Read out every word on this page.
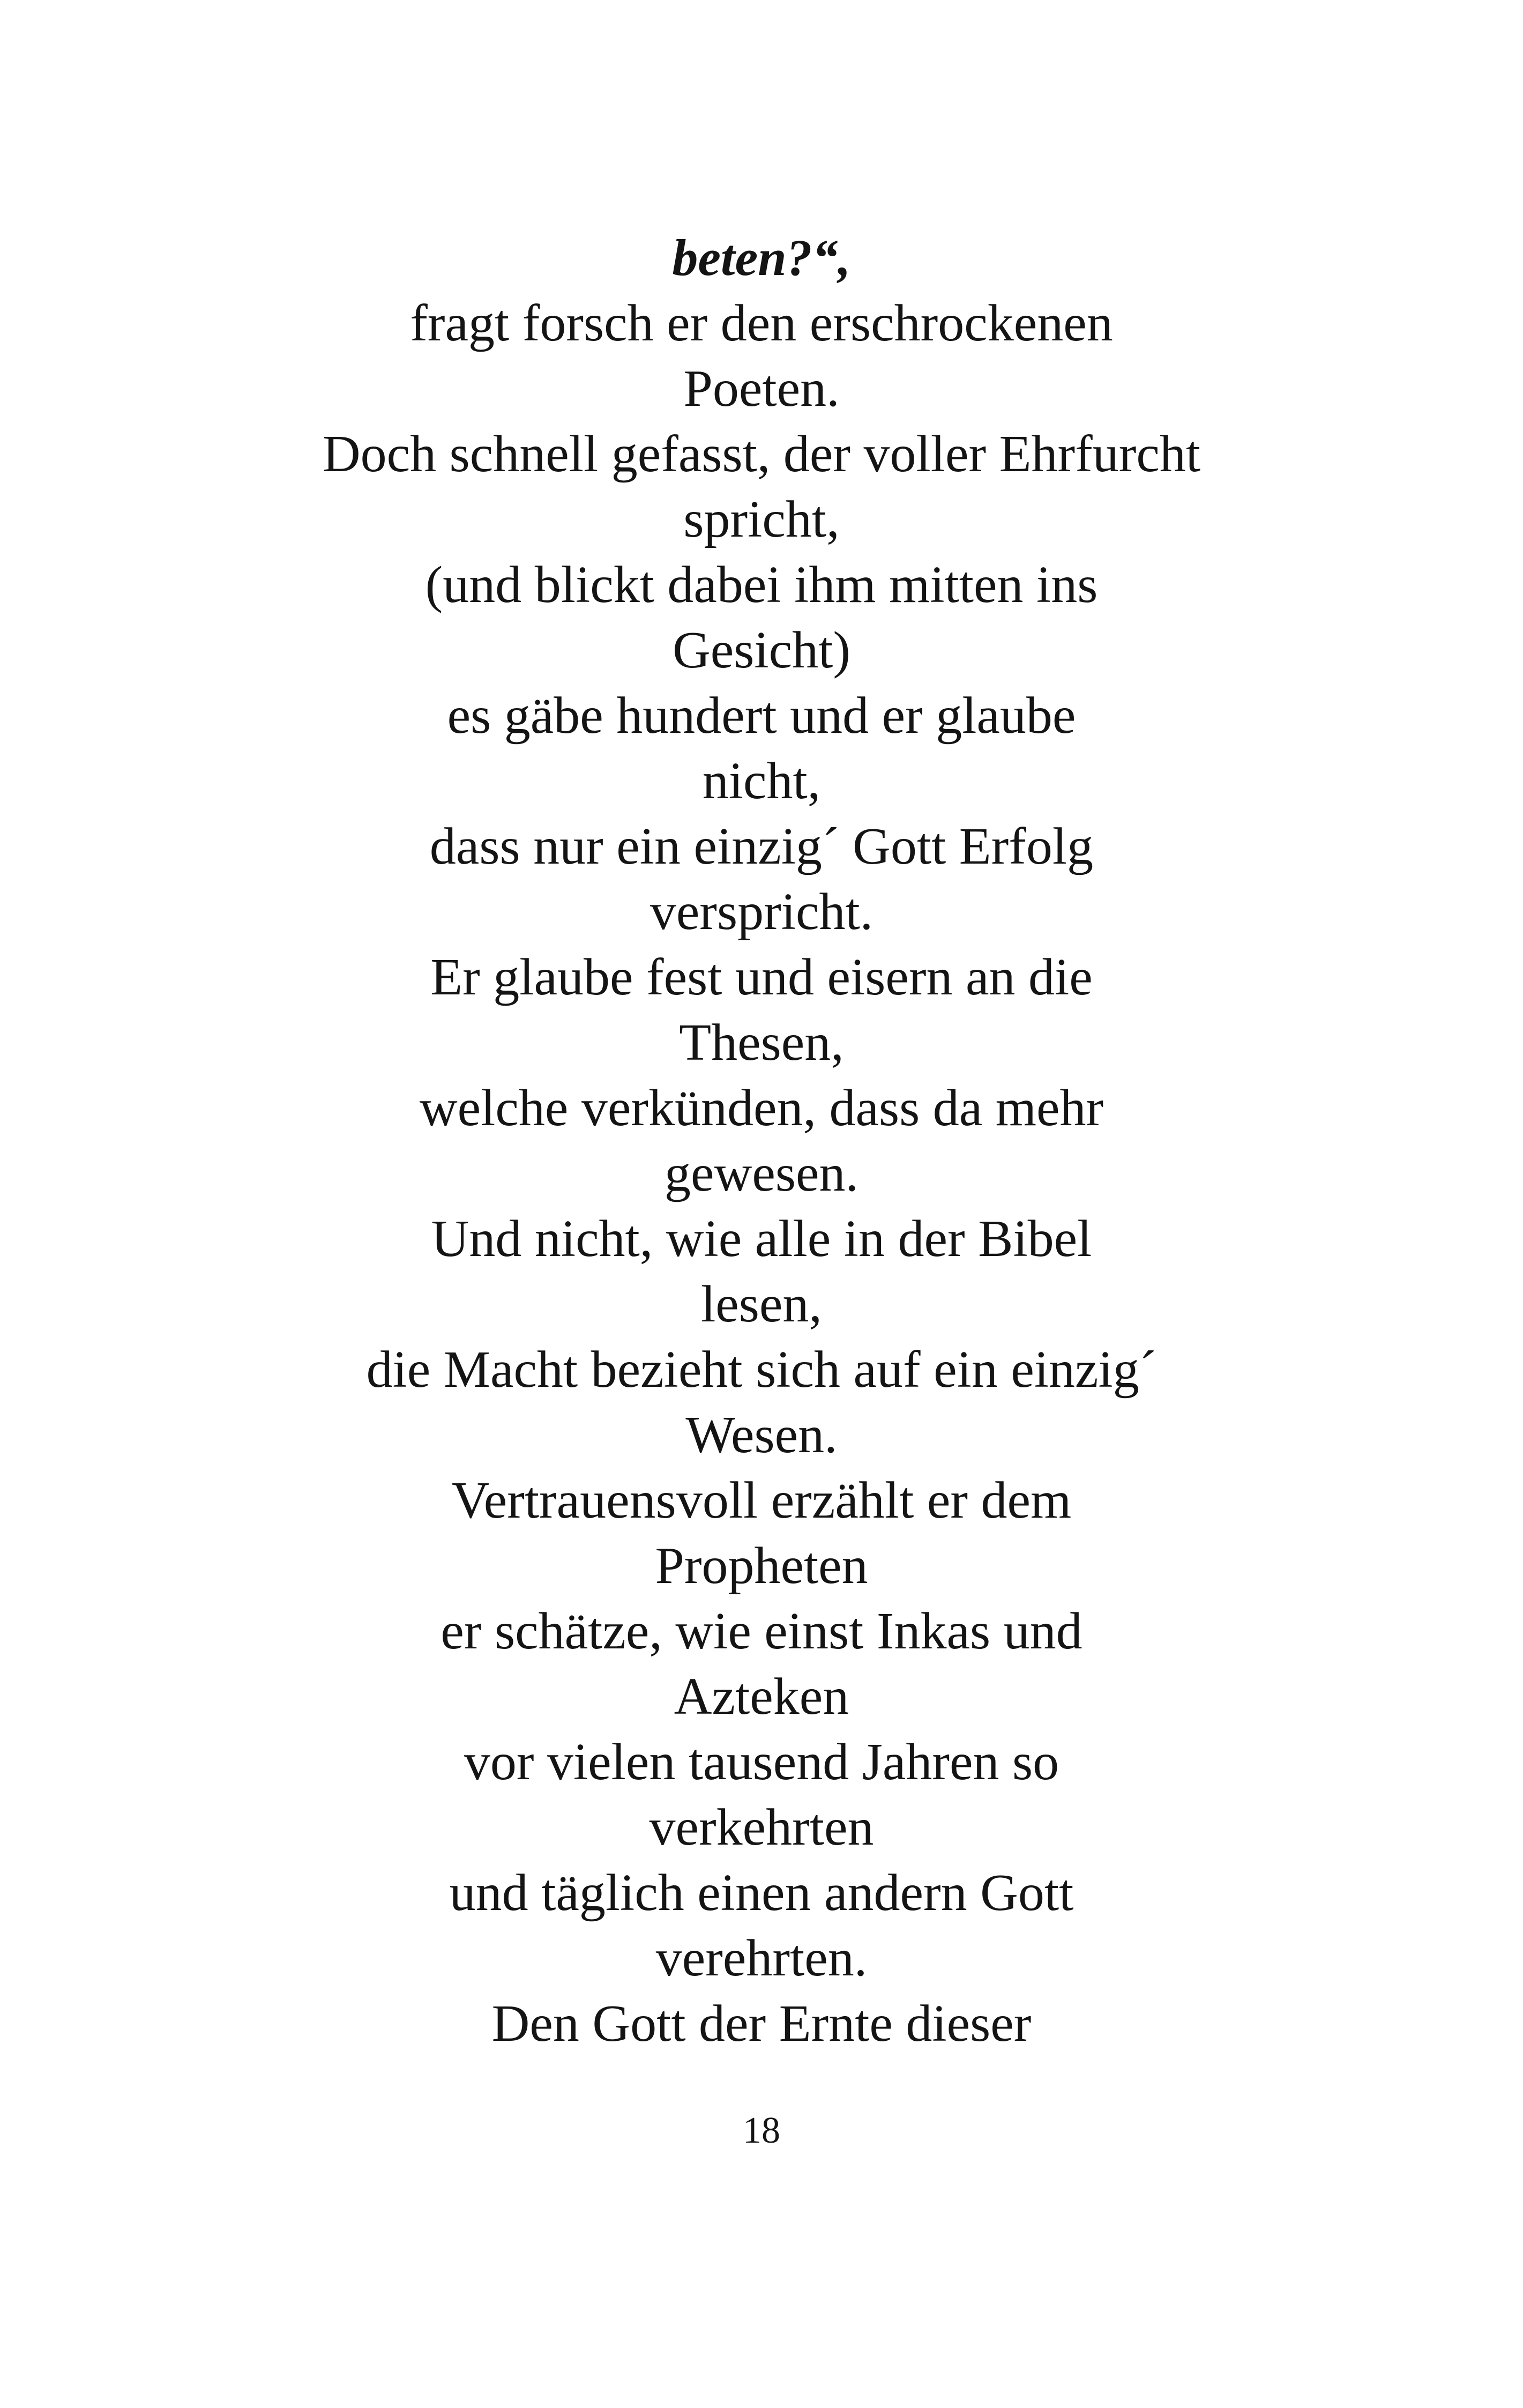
beten?“,
fragt forsch er den erschrockenen
Poeten.
Doch schnell gefasst, der voller Ehrfurcht
spricht,
(und blickt dabei ihm mitten ins
Gesicht)
es gäbe hundert und er glaube
nicht,
dass nur ein einzig´ Gott Erfolg
verspricht.
Er glaube fest und eisern an die
Thesen,
welche verkünden, dass da mehr
gewesen.
Und nicht, wie alle in der Bibel
lesen,
die Macht bezieht sich auf ein einzig´
Wesen.
Vertrauensvoll erzählt er dem
Propheten
er schätze, wie einst Inkas und
Azteken
vor vielen tausend Jahren so
verkehrten
und täglich einen andern Gott
verehrten.
Den Gott der Ernte dieser
18
